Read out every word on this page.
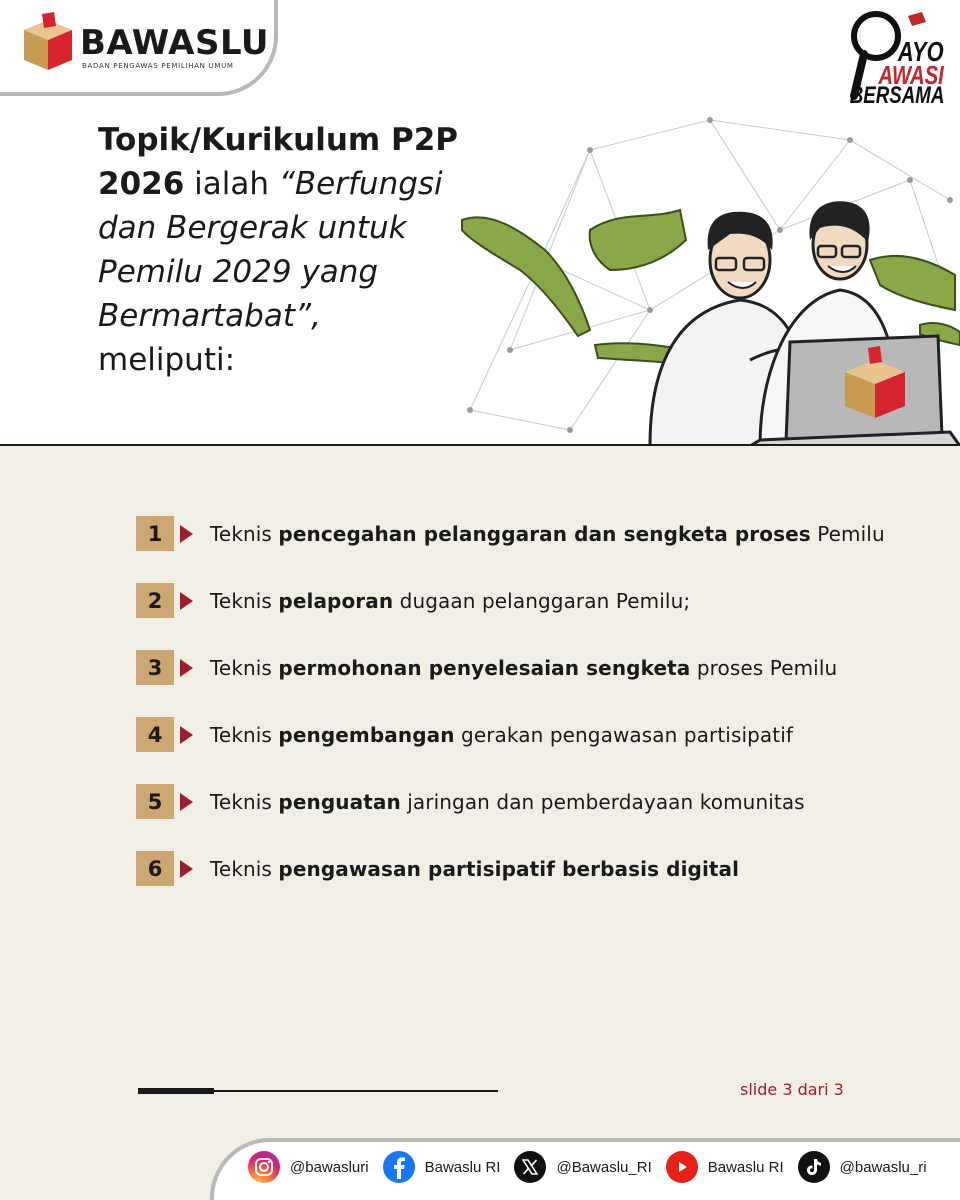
BAWASLU
BADAN PENGAWAS PEMILIHAN UMUM	AYO
AWASI
BERSAMA
Topik/Kurikulum P2P
2026 ialah “Berfungsi
dan Bergerak untuk
Pemilu 2029 yang
Bermartabat”,
meliputi:
1	Teknis pencegahan pelanggaran dan sengketa proses Pemilu
2	Teknis pelaporan dugaan pelanggaran Pemilu;
3	Teknis permohonan penyelesaian sengketa proses Pemilu
4	Teknis pengembangan gerakan pengawasan partisipatif
5	Teknis penguatan jaringan dan pemberdayaan komunitas
6	Teknis pengawasan partisipatif berbasis digital
slide 3 dari 3
@bawasluri	Bawaslu RI	@Bawaslu_RI	Bawaslu RI	@bawaslu_ri
